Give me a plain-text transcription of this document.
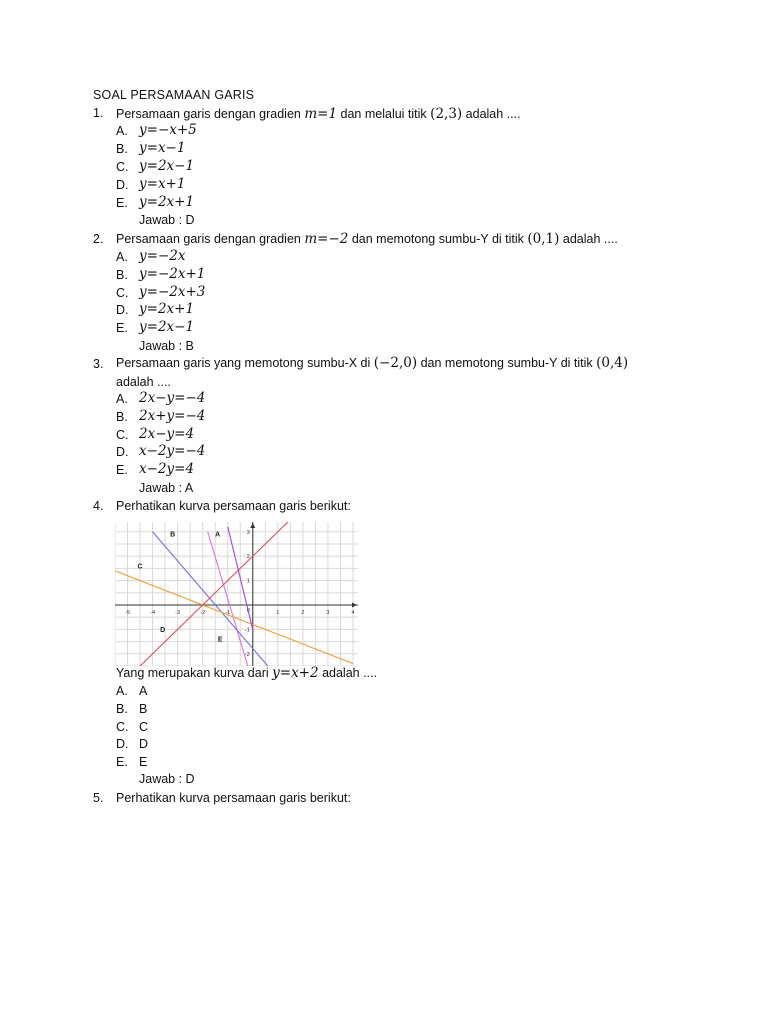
SOAL PERSAMAAN GARIS
1. Persamaan garis dengan gradien m=1 dan melalui titik (2,3) adalah ....
A. y=−x+5
B. y=x−1
C. y=2x−1
D. y=x+1
E. y=2x+1
Jawab : D
2. Persamaan garis dengan gradien m=−2 dan memotong sumbu-Y di titik (0,1) adalah ....
A. y=−2x
B. y=−2x+1
C. y=−2x+3
D. y=2x+1
E. y=2x−1
Jawab : B
3. Persamaan garis yang memotong sumbu-X di (−2,0) dan memotong sumbu-Y di titik (0,4)
adalah ....
A. 2x−y=−4
B. 2x+y=−4
C. 2x−y=4
D. x−2y=−4
E. x−2y=4
Jawab : A
4. Perhatikan kurva persamaan garis berikut:
-5	-4	-3	-2	-1	1	2	3	4
-2
-1
1
2
3
0
B	A
C
D
E
Yang merupakan kurva dari y=x+2 adalah ....
A. A
B. B
C. C
D. D
E. E
Jawab : D
5. Perhatikan kurva persamaan garis berikut:
